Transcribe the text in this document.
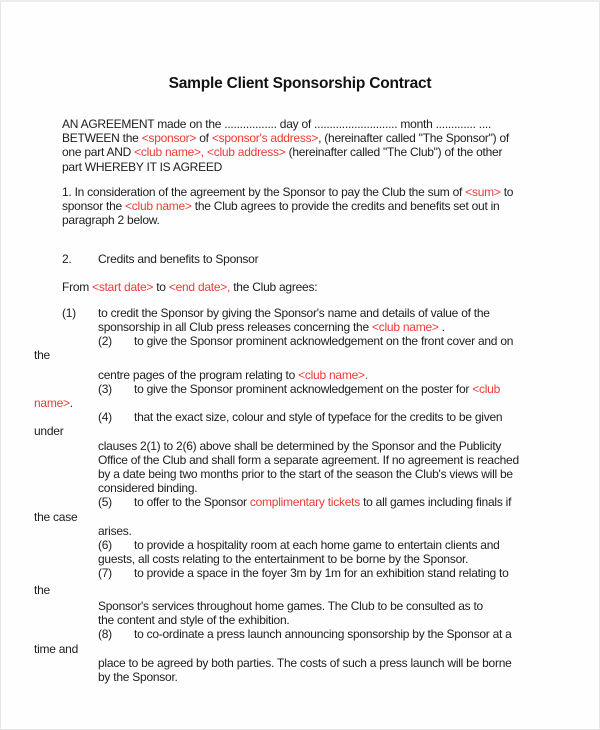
Sample Client Sponsorship Contract
AN AGREEMENT made on the ................. day of ........................... month ............. ....
BETWEEN the <sponsor> of <sponsor's address>, (hereinafter called "The Sponsor") of
one part AND <club name>, <club address> (hereinafter called "The Club") of the other
part WHEREBY IT IS AGREED
1. In consideration of the agreement by the Sponsor to pay the Club the sum of <sum> to
sponsor the <club name> the Club agrees to provide the credits and benefits set out in
paragraph 2 below.
2. Credits and benefits to Sponsor
From <start date> to <end date>, the Club agrees:
(1) to credit the Sponsor by giving the Sponsor's name and details of value of the
sponsorship in all Club press releases concerning the <club name> .
(2) to give the Sponsor prominent acknowledgement on the front cover and on
the
centre pages of the program relating to <club name>.
(3) to give the Sponsor prominent acknowledgement on the poster for <club
name>.
(4) that the exact size, colour and style of typeface for the credits to be given
under
clauses 2(1) to 2(6) above shall be determined by the Sponsor and the Publicity
Office of the Club and shall form a separate agreement. If no agreement is reached
by a date being two months prior to the start of the season the Club's views will be
considered binding.
(5) to offer to the Sponsor complimentary tickets to all games including finals if
the case
arises.
(6) to provide a hospitality room at each home game to entertain clients and
guests, all costs relating to the entertainment to be borne by the Sponsor.
(7) to provide a space in the foyer 3m by 1m for an exhibition stand relating to
the
Sponsor's services throughout home games. The Club to be consulted as to
the content and style of the exhibition.
(8) to co-ordinate a press launch announcing sponsorship by the Sponsor at a
time and
place to be agreed by both parties. The costs of such a press launch will be borne
by the Sponsor.
